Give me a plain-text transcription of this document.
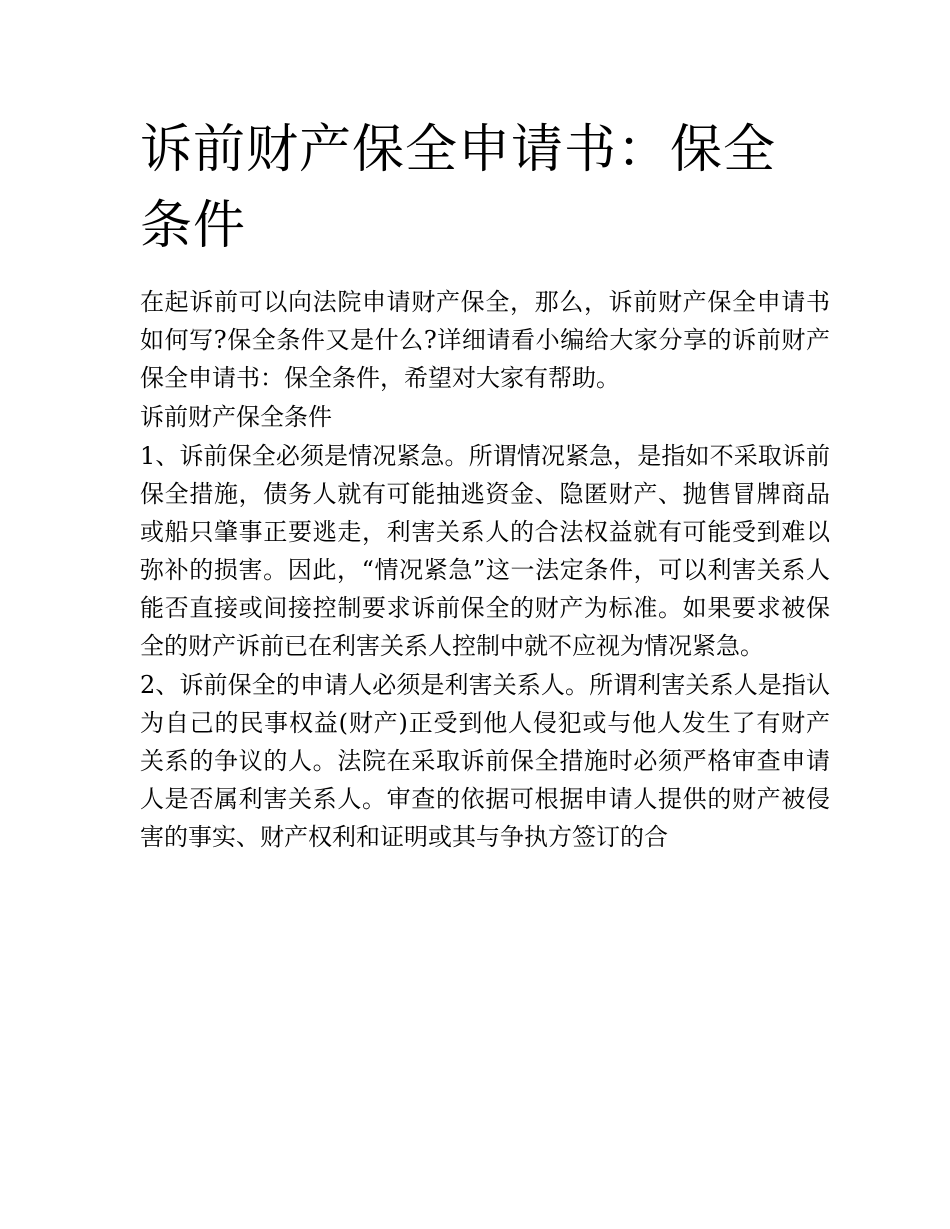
诉前财产保全申请书：保全条件

在起诉前可以向法院申请财产保全，那么，诉前财产保全申请书如何写?保全条件又是什么?详细请看小编给大家分享的诉前财产保全申请书：保全条件，希望对大家有帮助。

诉前财产保全条件

1、诉前保全必须是情况紧急。所谓情况紧急，是指如不采取诉前保全措施，债务人就有可能抽逃资金、隐匿财产、抛售冒牌商品或船只肇事正要逃走，利害关系人的合法权益就有可能受到难以弥补的损害。因此，“情况紧急”这一法定条件，可以利害关系人能否直接或间接控制要求诉前保全的财产为标准。如果要求被保全的财产诉前已在利害关系人控制中就不应视为情况紧急。

2、诉前保全的申请人必须是利害关系人。所谓利害关系人是指认为自己的民事权益(财产)正受到他人侵犯或与他人发生了有财产关系的争议的人。法院在采取诉前保全措施时必须严格审查申请人是否属利害关系人。审查的依据可根据申请人提供的财产被侵害的事实、财产权利和证明或其与争执方签订的合
